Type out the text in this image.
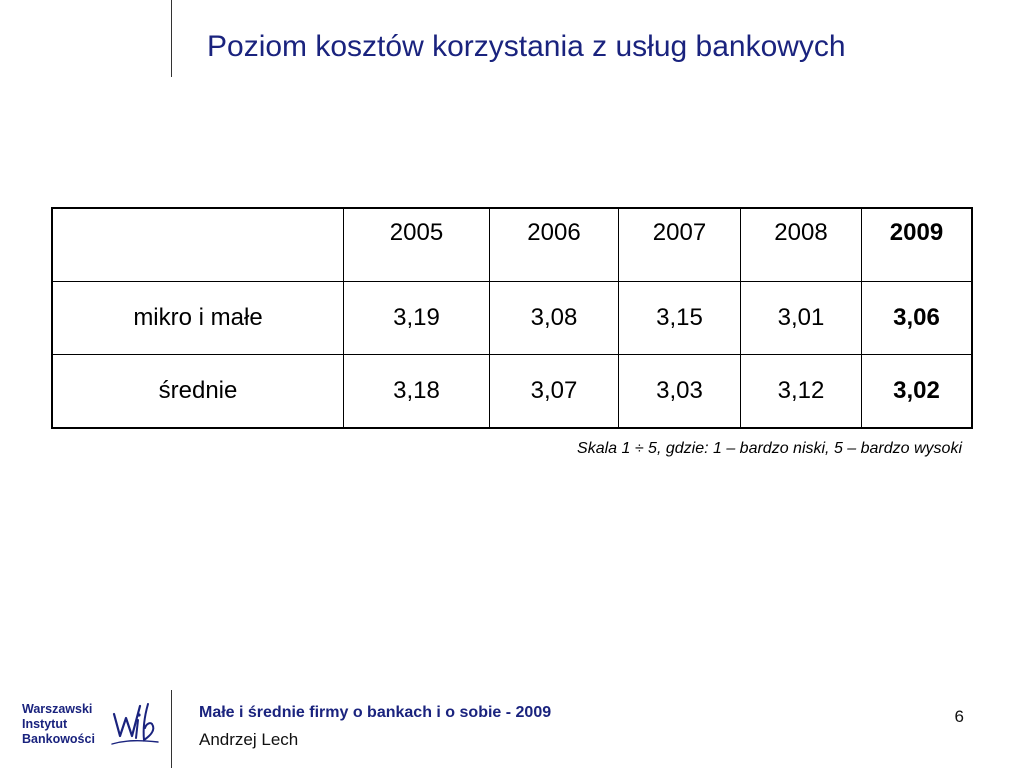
Poziom kosztów korzystania z usług bankowych
	2005	2006	2007	2008	2009
mikro i małe	3,19	3,08	3,15	3,01	3,06
średnie	3,18	3,07	3,03	3,12	3,02
Skala 1 ÷ 5, gdzie: 1 – bardzo niski, 5 – bardzo wysoki
Warszawski
Instytut
Bankowości
Małe i średnie firmy o bankach i o sobie - 2009
Andrzej Lech
6
